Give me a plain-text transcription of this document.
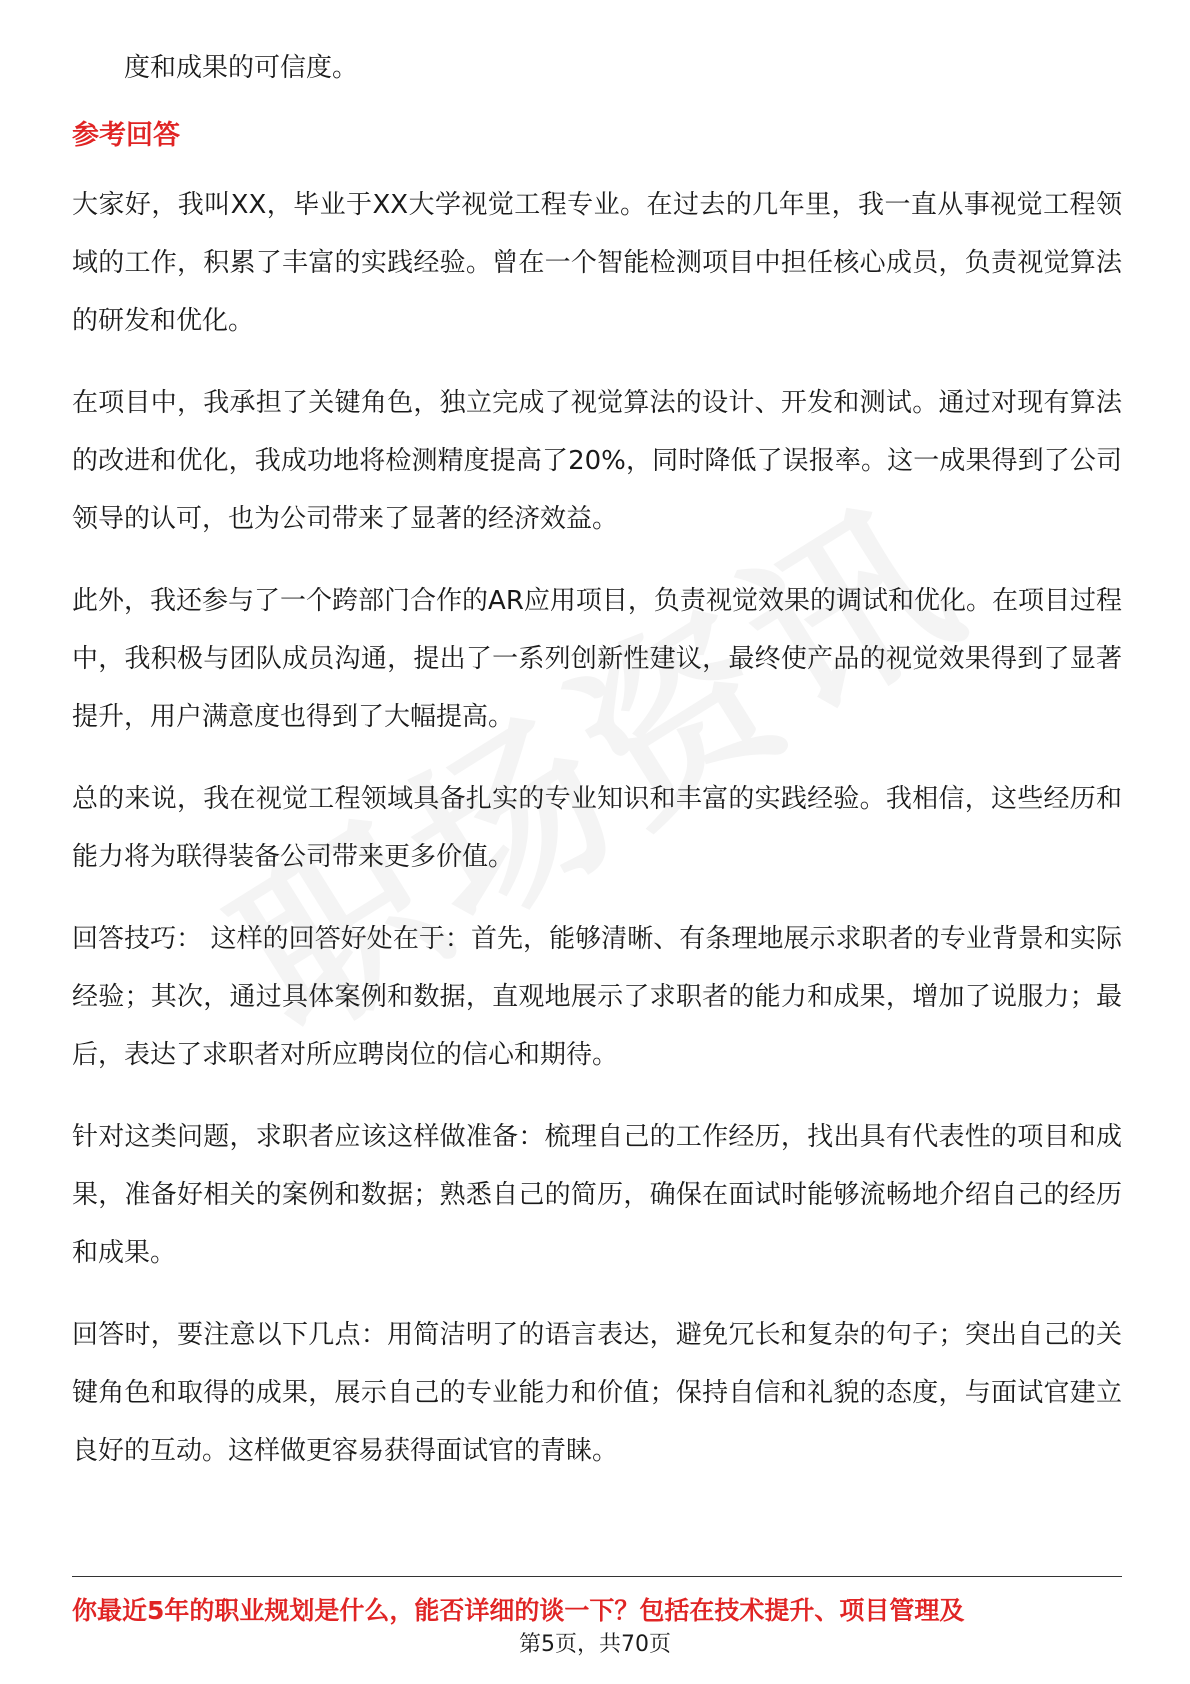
度和成果的可信度。

参考回答

大家好，我叫XX，毕业于XX大学视觉工程专业。在过去的几年里，我一直从事视觉工程领域的工作，积累了丰富的实践经验。曾在一个智能检测项目中担任核心成员，负责视觉算法的研发和优化。

在项目中，我承担了关键角色，独立完成了视觉算法的设计、开发和测试。通过对现有算法的改进和优化，我成功地将检测精度提高了20%，同时降低了误报率。这一成果得到了公司领导的认可，也为公司带来了显著的经济效益。

此外，我还参与了一个跨部门合作的AR应用项目，负责视觉效果的调试和优化。在项目过程中，我积极与团队成员沟通，提出了一系列创新性建议，最终使产品的视觉效果得到了显著提升，用户满意度也得到了大幅提高。

总的来说，我在视觉工程领域具备扎实的专业知识和丰富的实践经验。我相信，这些经历和能力将为联得装备公司带来更多价值。

回答技巧： 这样的回答好处在于：首先，能够清晰、有条理地展示求职者的专业背景和实际经验；其次，通过具体案例和数据，直观地展示了求职者的能力和成果，增加了说服力；最后，表达了求职者对所应聘岗位的信心和期待。

针对这类问题，求职者应该这样做准备：梳理自己的工作经历，找出具有代表性的项目和成果，准备好相关的案例和数据；熟悉自己的简历，确保在面试时能够流畅地介绍自己的经历和成果。

回答时，要注意以下几点：用简洁明了的语言表达，避免冗长和复杂的句子；突出自己的关键角色和取得的成果，展示自己的专业能力和价值；保持自信和礼貌的态度，与面试官建立良好的互动。这样做更容易获得面试官的青睐。

你最近5年的职业规划是什么，能否详细的谈一下？包括在技术提升、项目管理及
第5页，共70页
